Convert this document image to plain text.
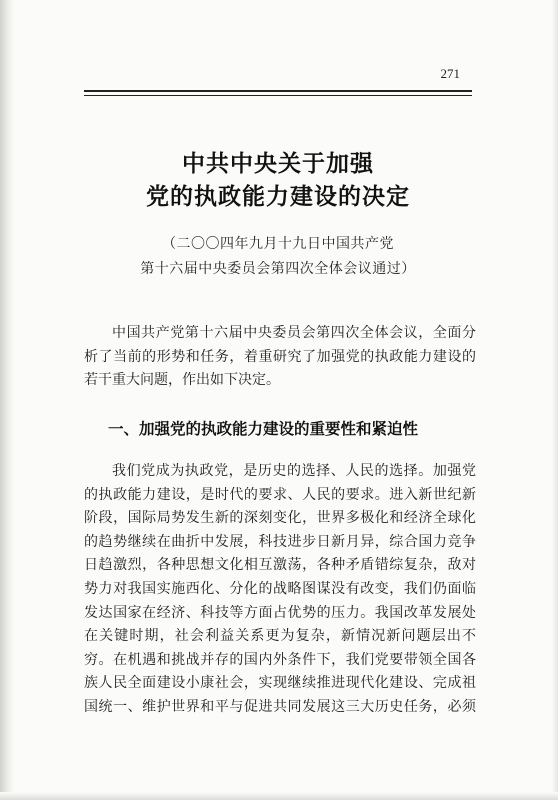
271
中共中央关于加强
党的执政能力建设的决定
（二〇〇四年九月十九日中国共产党
第十六届中央委员会第四次全体会议通过）
中国共产党第十六届中央委员会第四次全体会议，全面分
析了当前的形势和任务，着重研究了加强党的执政能力建设的
若干重大问题，作出如下决定。
一、加强党的执政能力建设的重要性和紧迫性
我们党成为执政党，是历史的选择、人民的选择。加强党
的执政能力建设，是时代的要求、人民的要求。进入新世纪新
阶段，国际局势发生新的深刻变化，世界多极化和经济全球化
的趋势继续在曲折中发展，科技进步日新月异，综合国力竞争
日趋激烈，各种思想文化相互激荡，各种矛盾错综复杂，敌对
势力对我国实施西化、分化的战略图谋没有改变，我们仍面临
发达国家在经济、科技等方面占优势的压力。我国改革发展处
在关键时期，社会利益关系更为复杂，新情况新问题层出不
穷。在机遇和挑战并存的国内外条件下，我们党要带领全国各
族人民全面建设小康社会，实现继续推进现代化建设、完成祖
国统一、维护世界和平与促进共同发展这三大历史任务，必须
